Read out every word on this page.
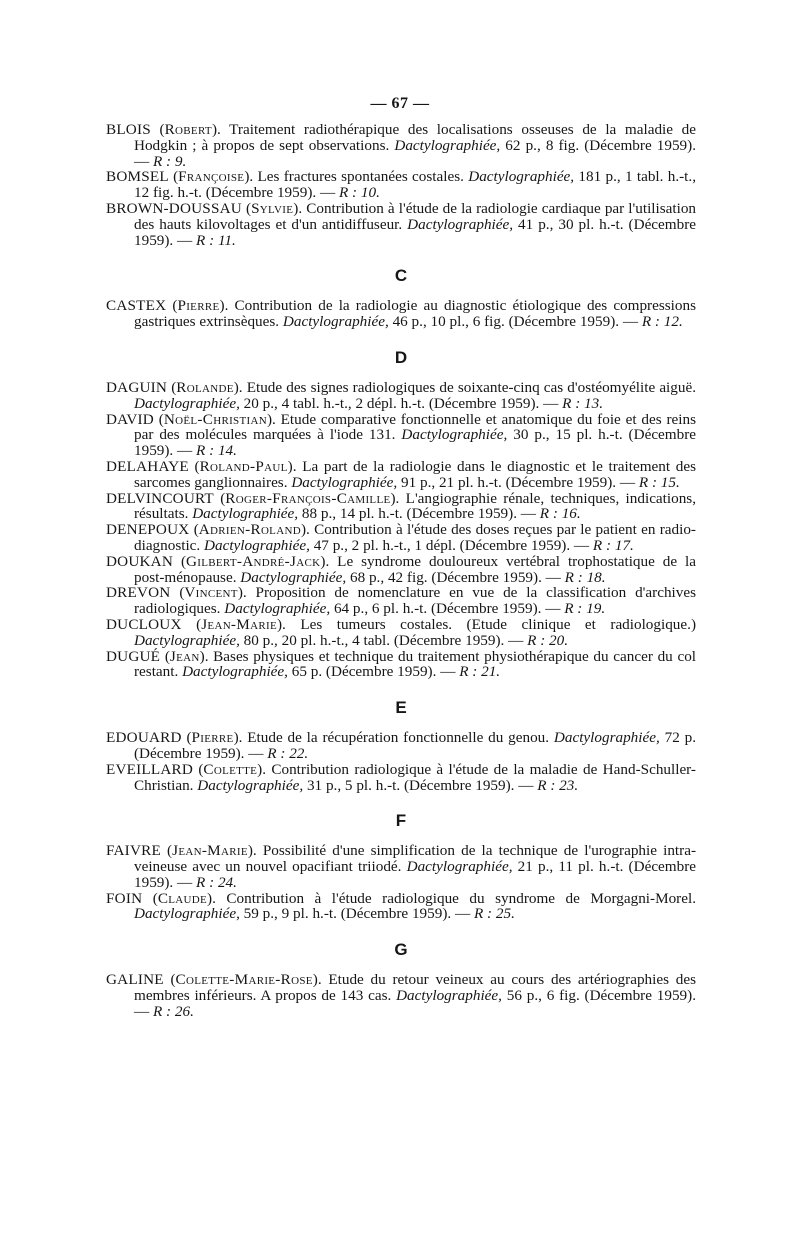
— 67 —

BLOIS (Robert). Traitement radiothérapique des localisations osseuses de la maladie de Hodgkin ; à propos de sept observations. Dactylographiée, 62 p., 8 fig. (Décembre 1959). — R : 9.

BOMSEL (Françoise). Les fractures spontanées costales. Dactylographiée, 181 p., 1 tabl. h.-t., 12 fig. h.-t. (Décembre 1959). — R : 10.

BROWN-DOUSSAU (Sylvie). Contribution à l'étude de la radiologie cardiaque par l'utilisation des hauts kilovoltages et d'un antidiffuseur. Dactylographiée, 41 p., 30 pl. h.-t. (Décembre 1959). — R : 11.

C

CASTEX (Pierre). Contribution de la radiologie au diagnostic étiologique des compressions gastriques extrinsèques. Dactylographiée, 46 p., 10 pl., 6 fig. (Décembre 1959). — R : 12.

D

DAGUIN (Rolande). Etude des signes radiologiques de soixante-cinq cas d'ostéomyélite aiguë. Dactylographiée, 20 p., 4 tabl. h.-t., 2 dépl. h.-t. (Décembre 1959). — R : 13.

DAVID (Noël-Christian). Etude comparative fonctionnelle et anatomique du foie et des reins par des molécules marquées à l'iode 131. Dactylographiée, 30 p., 15 pl. h.-t. (Décembre 1959). — R : 14.

DELAHAYE (Roland-Paul). La part de la radiologie dans le diagnostic et le traitement des sarcomes ganglionnaires. Dactylographiée, 91 p., 21 pl. h.-t. (Décembre 1959). — R : 15.

DELVINCOURT (Roger-François-Camille). L'angiographie rénale, techniques, indications, résultats. Dactylographiée, 88 p., 14 pl. h.-t. (Décembre 1959). — R : 16.

DENEPOUX (Adrien-Roland). Contribution à l'étude des doses reçues par le patient en radio-diagnostic. Dactylographiée, 47 p., 2 pl. h.-t., 1 dépl. (Décembre 1959). — R : 17.

DOUKAN (Gilbert-André-Jack). Le syndrome douloureux vertébral trophostatique de la post-ménopause. Dactylographiée, 68 p., 42 fig. (Décembre 1959). — R : 18.

DREVON (Vincent). Proposition de nomenclature en vue de la classification d'archives radiologiques. Dactylographiée, 64 p., 6 pl. h.-t. (Décembre 1959). — R : 19.

DUCLOUX (Jean-Marie). Les tumeurs costales. (Etude clinique et radiologique.) Dactylographiée, 80 p., 20 pl. h.-t., 4 tabl. (Décembre 1959). — R : 20.

DUGUÉ (Jean). Bases physiques et technique du traitement physiothérapique du cancer du col restant. Dactylographiée, 65 p. (Décembre 1959). — R : 21.

E

EDOUARD (Pierre). Etude de la récupération fonctionnelle du genou. Dactylographiée, 72 p. (Décembre 1959). — R : 22.

EVEILLARD (Colette). Contribution radiologique à l'étude de la maladie de Hand-Schuller-Christian. Dactylographiée, 31 p., 5 pl. h.-t. (Décembre 1959). — R : 23.

F

FAIVRE (Jean-Marie). Possibilité d'une simplification de la technique de l'urographie intra-veineuse avec un nouvel opacifiant triiodé. Dactylographiée, 21 p., 11 pl. h.-t. (Décembre 1959). — R : 24.

FOIN (Claude). Contribution à l'étude radiologique du syndrome de Morgagni-Morel. Dactylographiée, 59 p., 9 pl. h.-t. (Décembre 1959). — R : 25.

G

GALINE (Colette-Marie-Rose). Etude du retour veineux au cours des artériographies des membres inférieurs. A propos de 143 cas. Dactylographiée, 56 p., 6 fig. (Décembre 1959). — R : 26.
